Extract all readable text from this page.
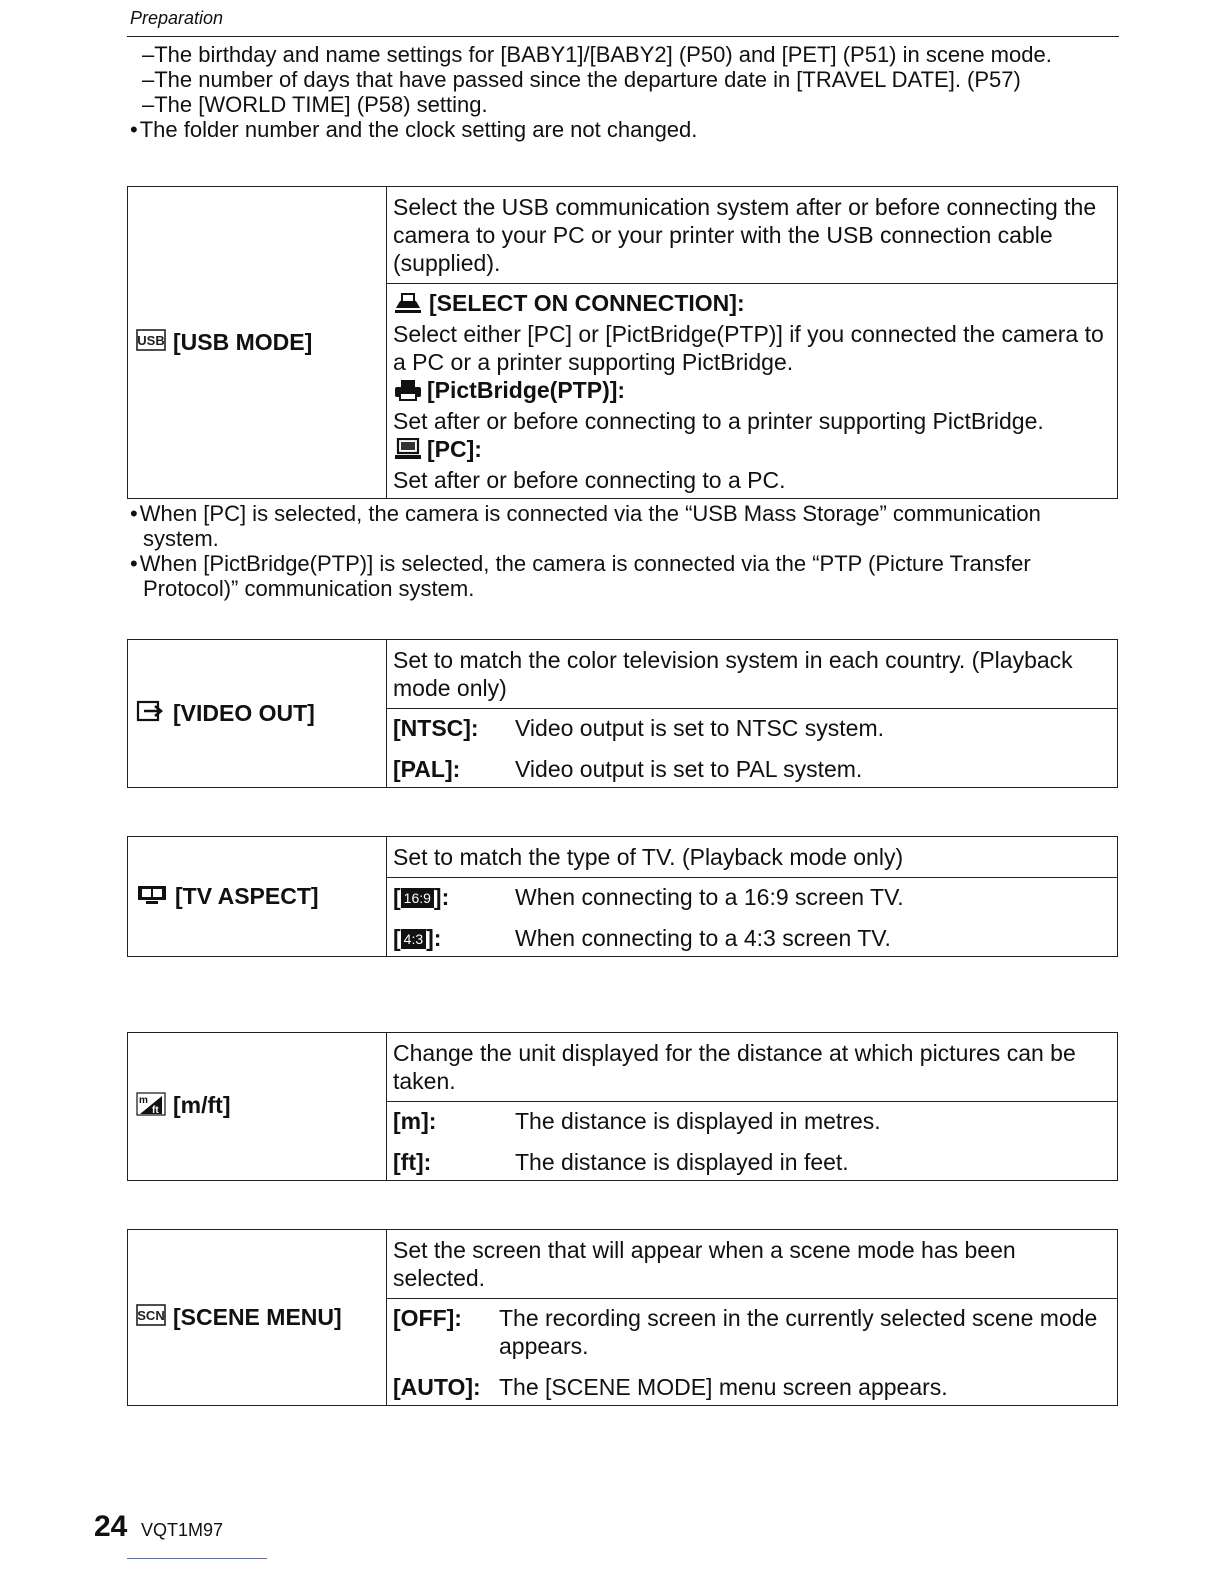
Preparation
–The birthday and name settings for [BABY1]/[BABY2] (P50) and [PET] (P51) in scene mode.
–The number of days that have passed since the departure date in [TRAVEL DATE]. (P57)
–The [WORLD TIME] (P58) setting.
• The folder number and the clock setting are not changed.
USB [USB MODE]	Select the USB communication system after or before connecting the camera to your PC or your printer with the USB connection cable (supplied).

[SELECT ON CONNECTION]:
Select either [PC] or [PictBridge(PTP)] if you connected the camera to a PC or a printer supporting PictBridge.
[PictBridge(PTP)]:
Set after or before connecting to a printer supporting PictBridge.
[PC]:
Set after or before connecting to a PC.
• When [PC] is selected, the camera is connected via the “USB Mass Storage” communication system.
• When [PictBridge(PTP)] is selected, the camera is connected via the “PTP (Picture Transfer Protocol)” communication system.
[VIDEO OUT]	Set to match the color television system in each country. (Playback mode only)

[NTSC]:	Video output is set to NTSC system.
[PAL]:	Video output is set to PAL system.
[TV ASPECT]	Set to match the type of TV. (Playback mode only)

[ 16:9 ]:	When connecting to a 16:9 screen TV.
[ 4:3 ]:	When connecting to a 4:3 screen TV.
m
ft [m/ft]	Change the unit displayed for the distance at which pictures can be taken.

[m]:	The distance is displayed in metres.
[ft]:	The distance is displayed in feet.
SCN [SCENE MENU]	Set the screen that will appear when a scene mode has been selected.

[OFF]:	The recording screen in the currently selected scene mode appears.
[AUTO]: The [SCENE MODE] menu screen appears.
24 VQT1M97
